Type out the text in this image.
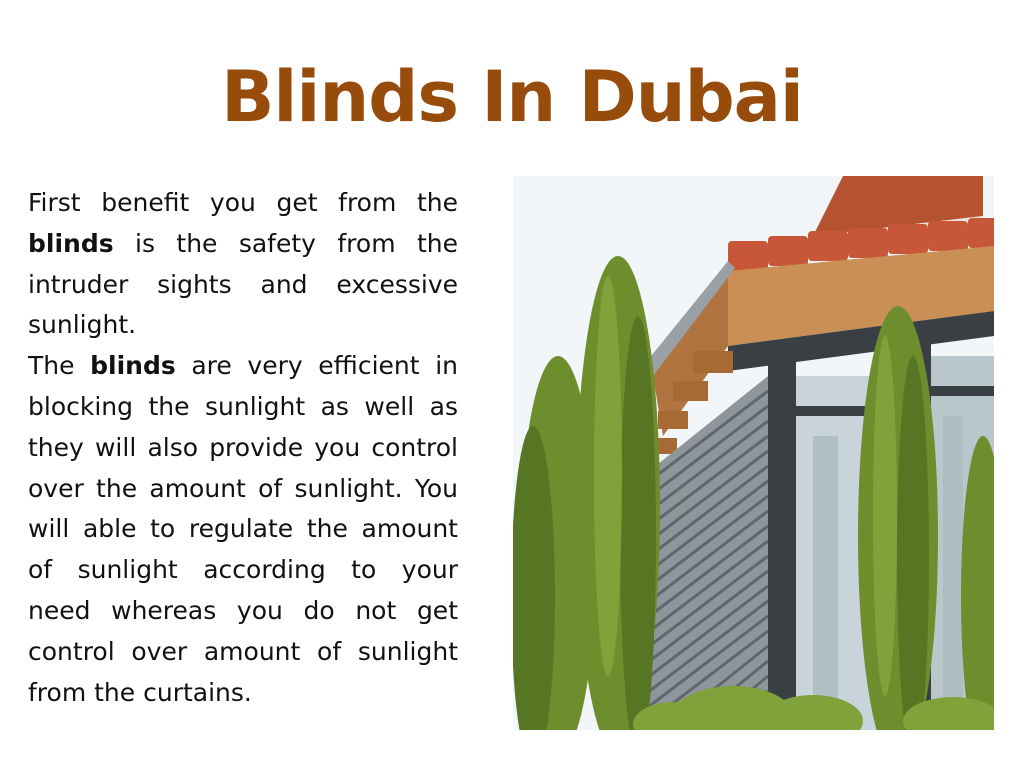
Blinds In Dubai
First benefit you get from the blinds is the safety from the intruder sights and excessive sunlight.
The blinds are very efficient in blocking the sunlight as well as they will also provide you control over the amount of sunlight. You will able to regulate the amount of sunlight according to your need whereas you do not get control over amount of sunlight from the curtains.
